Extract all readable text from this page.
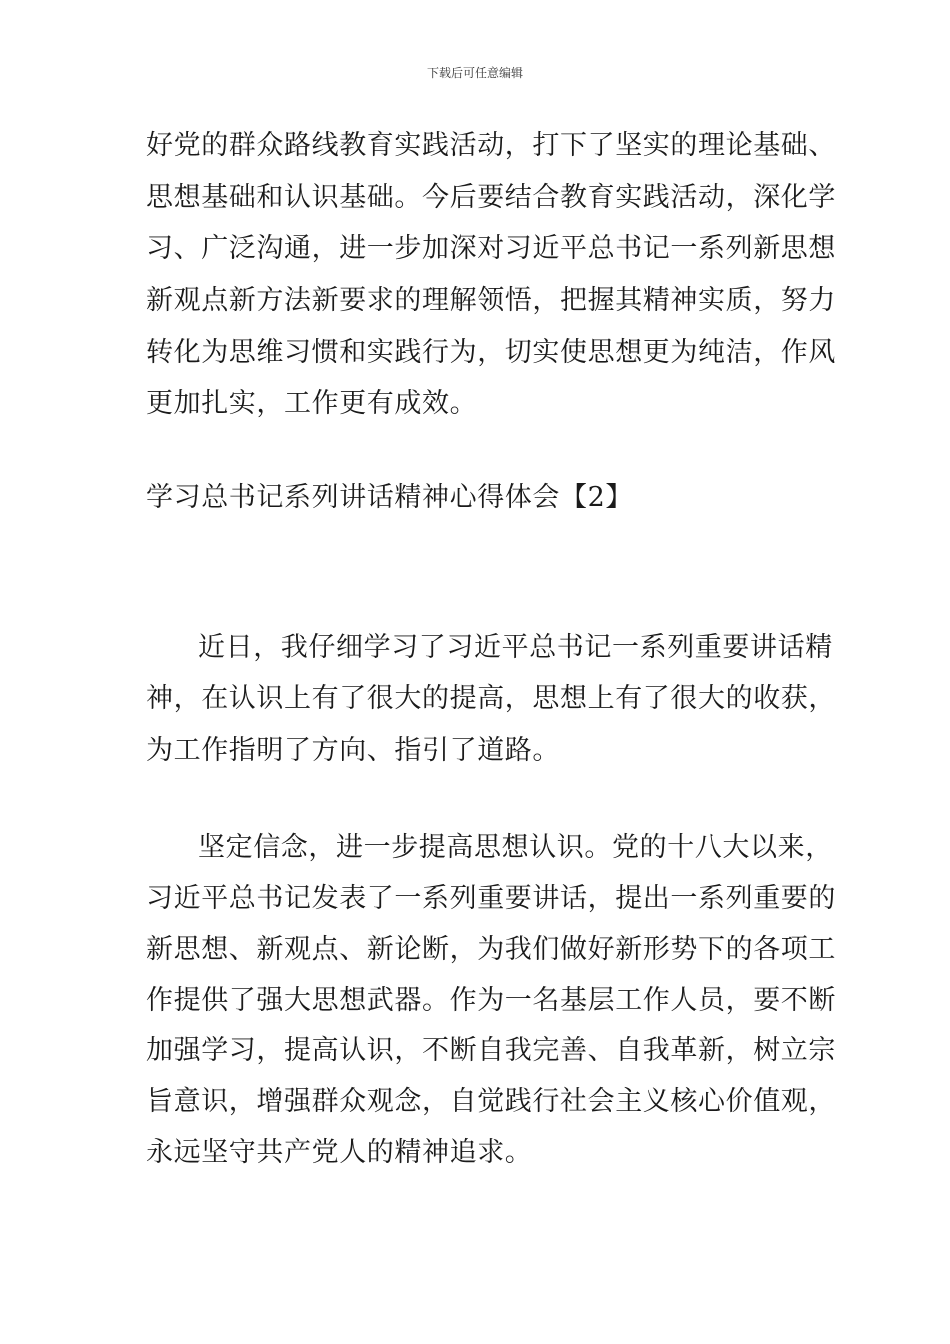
下载后可任意编辑
好党的群众路线教育实践活动，打下了坚实的理论基础、
思想基础和认识基础。今后要结合教育实践活动，深化学
习、广泛沟通，进一步加深对习近平总书记一系列新思想
新观点新方法新要求的理解领悟，把握其精神实质，努力
转化为思维习惯和实践行为，切实使思想更为纯洁，作风
更加扎实，工作更有成效。
学习总书记系列讲话精神心得体会【2】
近日，我仔细学习了习近平总书记一系列重要讲话精
神，在认识上有了很大的提高，思想上有了很大的收获，
为工作指明了方向、指引了道路。
坚定信念，进一步提高思想认识。党的十八大以来，
习近平总书记发表了一系列重要讲话，提出一系列重要的
新思想、新观点、新论断，为我们做好新形势下的各项工
作提供了强大思想武器。作为一名基层工作人员，要不断
加强学习，提高认识，不断自我完善、自我革新，树立宗
旨意识，增强群众观念，自觉践行社会主义核心价值观，
永远坚守共产党人的精神追求。
